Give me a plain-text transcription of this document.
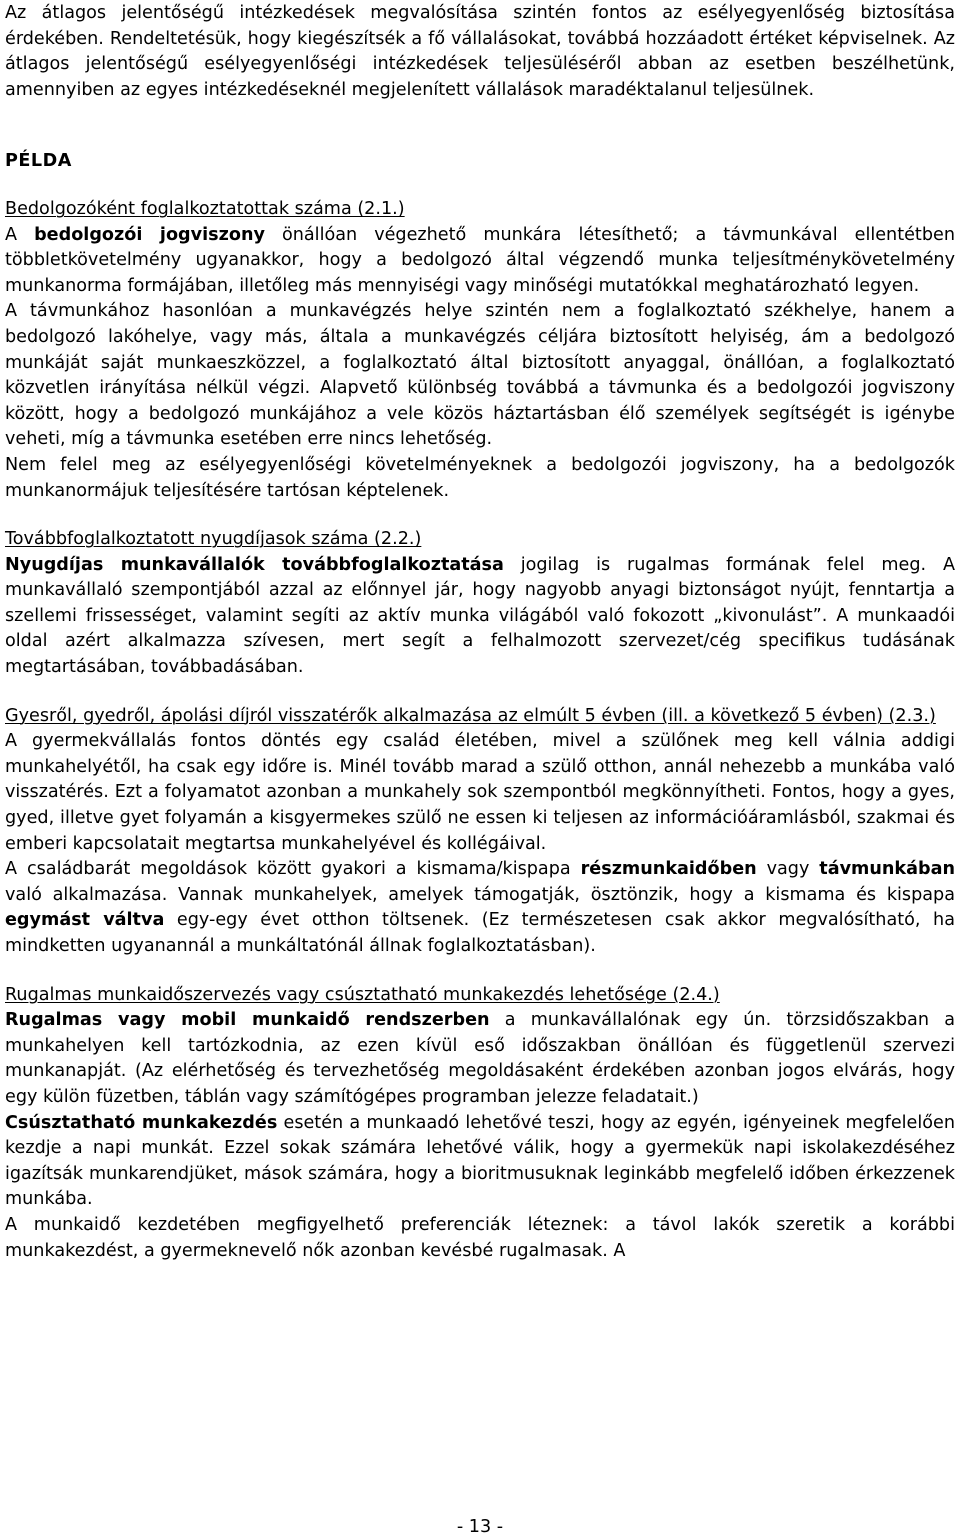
Az átlagos jelentőségű intézkedések megvalósítása szintén fontos az esélyegyenlőség biztosítása érdekében. Rendeltetésük, hogy kiegészítsék a fő vállalásokat, továbbá hozzáadott értéket képviselnek. Az átlagos jelentőségű esélyegyenlőségi intézkedések teljesüléséről abban az esetben beszélhetünk, amennyiben az egyes intézkedéseknél megjelenített vállalások maradéktalanul teljesülnek.

PÉLDA

Bedolgozóként foglalkoztatottak száma (2.1.)

A bedolgozói jogviszony önállóan végezhető munkára létesíthető; a távmunkával ellentétben többletkövetelmény ugyanakkor, hogy a bedolgozó által végzendő munka teljesítménykövetelmény munkanorma formájában, illetőleg más mennyiségi vagy minőségi mutatókkal meghatározható legyen.

A távmunkához hasonlóan a munkavégzés helye szintén nem a foglalkoztató székhelye, hanem a bedolgozó lakóhelye, vagy más, általa a munkavégzés céljára biztosított helyiség, ám a bedolgozó munkáját saját munkaeszközzel, a foglalkoztató által biztosított anyaggal, önállóan, a foglalkoztató közvetlen irányítása nélkül végzi. Alapvető különbség továbbá a távmunka és a bedolgozói jogviszony között, hogy a bedolgozó munkájához a vele közös háztartásban élő személyek segítségét is igénybe veheti, míg a távmunka esetében erre nincs lehetőség.

Nem felel meg az esélyegyenlőségi követelményeknek a bedolgozói jogviszony, ha a bedolgozók munkanormájuk teljesítésére tartósan képtelenek.

Továbbfoglalkoztatott nyugdíjasok száma (2.2.)

Nyugdíjas munkavállalók továbbfoglalkoztatása jogilag is rugalmas formának felel meg. A munkavállaló szempontjából azzal az előnnyel jár, hogy nagyobb anyagi biztonságot nyújt, fenntartja a szellemi frissességet, valamint segíti az aktív munka világából való fokozott „kivonulást”. A munkaadói oldal azért alkalmazza szívesen, mert segít a felhalmozott szervezet/cég specifikus tudásának megtartásában, továbbadásában.

Gyesről, gyedről, ápolási díjról visszatérők alkalmazása az elmúlt 5 évben (ill. a következő 5 évben) (2.3.)

A gyermekvállalás fontos döntés egy család életében, mivel a szülőnek meg kell válnia addigi munkahelyétől, ha csak egy időre is. Minél tovább marad a szülő otthon, annál nehezebb a munkába való visszatérés. Ezt a folyamatot azonban a munkahely sok szempontból megkönnyítheti. Fontos, hogy a gyes, gyed, illetve gyet folyamán a kisgyermekes szülő ne essen ki teljesen az információáramlásból, szakmai és emberi kapcsolatait megtartsa munkahelyével és kollégáival.

A családbarát megoldások között gyakori a kismama/kispapa részmunkaidőben vagy távmunkában való alkalmazása. Vannak munkahelyek, amelyek támogatják, ösztönzik, hogy a kismama és kispapa egymást váltva egy-egy évet otthon töltsenek. (Ez természetesen csak akkor megvalósítható, ha mindketten ugyanannál a munkáltatónál állnak foglalkoztatásban).

Rugalmas munkaidőszervezés vagy csúsztatható munkakezdés lehetősége (2.4.)

Rugalmas vagy mobil munkaidő rendszerben a munkavállalónak egy ún. törzsidőszakban a munkahelyen kell tartózkodnia, az ezen kívül eső időszakban önállóan és függetlenül szervezi munkanapját. (Az elérhetőség és tervezhetőség megoldásaként érdekében azonban jogos elvárás, hogy egy külön füzetben, táblán vagy számítógépes programban jelezze feladatait.)

Csúsztatható munkakezdés esetén a munkaadó lehetővé teszi, hogy az egyén, igényeinek megfelelően kezdje a napi munkát. Ezzel sokak számára lehetővé válik, hogy a gyermekük napi iskolakezdéséhez igazítsák munkarendjüket, mások számára, hogy a bioritmusuknak leginkább megfelelő időben érkezzenek munkába.

A munkaidő kezdetében megfigyelhető preferenciák léteznek: a távol lakók szeretik a korábbi munkakezdést, a gyermeknevelő nők azonban kevésbé rugalmasak. A

- 13 -
